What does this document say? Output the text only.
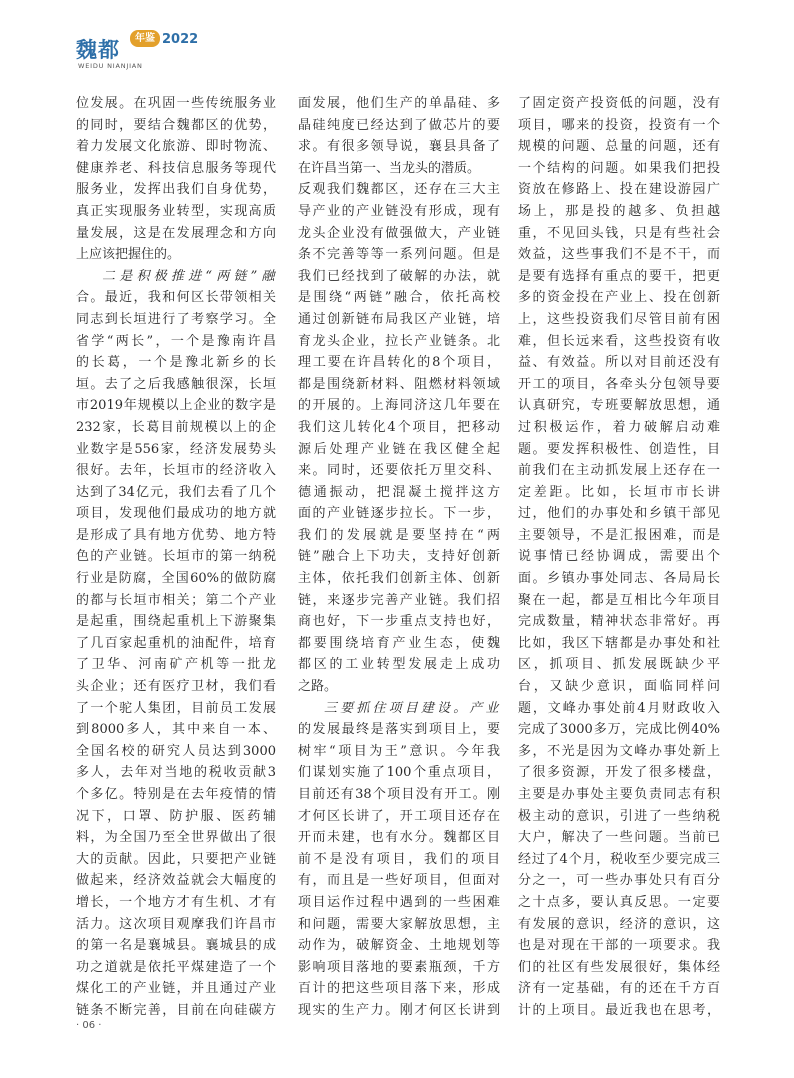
魏都	年鉴 2022
WEIDU NIANJIAN
位发展。在巩固一些传统服务业
的同时，要结合魏都区的优势，
着力发展文化旅游、即时物流、
健康养老、科技信息服务等现代
服务业，发挥出我们自身优势，
真正实现服务业转型，实现高质
量发展，这是在发展理念和方向
上应该把握住的。
二是积极推进“两链”融
合。最近，我和何区长带领相关
同志到长垣进行了考察学习。全
省学“两长”，一个是豫南许昌
的长葛，一个是豫北新乡的长
垣。去了之后我感触很深，长垣
市2019年规模以上企业的数字是
232家，长葛目前规模以上的企
业数字是556家，经济发展势头
很好。去年，长垣市的经济收入
达到了34亿元，我们去看了几个
项目，发现他们最成功的地方就
是形成了具有地方优势、地方特
色的产业链。长垣市的第一纳税
行业是防腐，全国60%的做防腐
的都与长垣市相关；第二个产业
是起重，围绕起重机上下游聚集
了几百家起重机的油配件，培育
了卫华、河南矿产机等一批龙
头企业；还有医疗卫材，我们看
了一个驼人集团，目前员工发展
到8000多人，其中来自一本、
全国名校的研究人员达到3000
多人，去年对当地的税收贡献3
个多亿。特别是在去年疫情的情
况下，口罩、防护服、医药辅
料，为全国乃至全世界做出了很
大的贡献。因此，只要把产业链
做起来，经济效益就会大幅度的
增长，一个地方才有生机、才有
活力。这次项目观摩我们许昌市
的第一名是襄城县。襄城县的成
功之道就是依托平煤建造了一个
煤化工的产业链，并且通过产业
链条不断完善，目前在向硅碳方
面发展，他们生产的单晶硅、多
晶硅纯度已经达到了做芯片的要
求。有很多领导说，襄县具备了
在许昌当第一、当龙头的潜质。
反观我们魏都区，还存在三大主
导产业的产业链没有形成，现有
龙头企业没有做强做大，产业链
条不完善等等一系列问题。但是
我们已经找到了破解的办法，就
是围绕“两链”融合，依托高校
通过创新链布局我区产业链，培
育龙头企业，拉长产业链条。北
理工要在许昌转化的8个项目，
都是围绕新材料、阻燃材料领域
的开展的。上海同济这几年要在
我们这儿转化4个项目，把移动
源后处理产业链在我区健全起
来。同时，还要依托万里交科、
德通振动，把混凝土搅拌这方
面的产业链逐步拉长。下一步，
我们的发展就是要坚持在“两
链”融合上下功夫，支持好创新
主体，依托我们创新主体、创新
链，来逐步完善产业链。我们招
商也好，下一步重点支持也好，
都要围绕培育产业生态，使魏
都区的工业转型发展走上成功
之路。
三要抓住项目建设。产业
的发展最终是落实到项目上，要
树牢“项目为王”意识。今年我
们谋划实施了100个重点项目，
目前还有38个项目没有开工。刚
才何区长讲了，开工项目还存在
开而未建，也有水分。魏都区目
前不是没有项目，我们的项目
有，而且是一些好项目，但面对
项目运作过程中遇到的一些困难
和问题，需要大家解放思想，主
动作为，破解资金、土地规划等
影响项目落地的要素瓶颈，千方
百计的把这些项目落下来，形成
现实的生产力。刚才何区长讲到
了固定资产投资低的问题，没有
项目，哪来的投资，投资有一个
规模的问题、总量的问题，还有
一个结构的问题。如果我们把投
资放在修路上、投在建设游园广
场上，那是投的越多、负担越
重，不见回头钱，只是有些社会
效益，这些事我们不是不干，而
是要有选择有重点的要干，把更
多的资金投在产业上、投在创新
上，这些投资我们尽管目前有困
难，但长远来看，这些投资有收
益、有效益。所以对目前还没有
开工的项目，各牵头分包领导要
认真研究，专班要解放思想，通
过积极运作，着力破解启动难
题。要发挥积极性、创造性，目
前我们在主动抓发展上还存在一
定差距。比如，长垣市市长讲
过，他们的办事处和乡镇干部见
主要领导，不是汇报困难，而是
说事情已经协调成，需要出个
面。乡镇办事处同志、各局局长
聚在一起，都是互相比今年项目
完成数量，精神状态非常好。再
比如，我区下辖都是办事处和社
区，抓项目、抓发展既缺少平
台，又缺少意识，面临同样问
题，文峰办事处前4月财政收入
完成了3000多万，完成比例40%
多，不光是因为文峰办事处新上
了很多资源，开发了很多楼盘，
主要是办事处主要负责同志有积
极主动的意识，引进了一些纳税
大户，解决了一些问题。当前已
经过了4个月，税收至少要完成三
分之一，可一些办事处只有百分
之十点多，要认真反思。一定要
有发展的意识，经济的意识，这
也是对现在干部的一项要求。我
们的社区有些发展很好，集体经
济有一定基础，有的还在千方百
计的上项目。最近我也在思考，
· 06 ·
